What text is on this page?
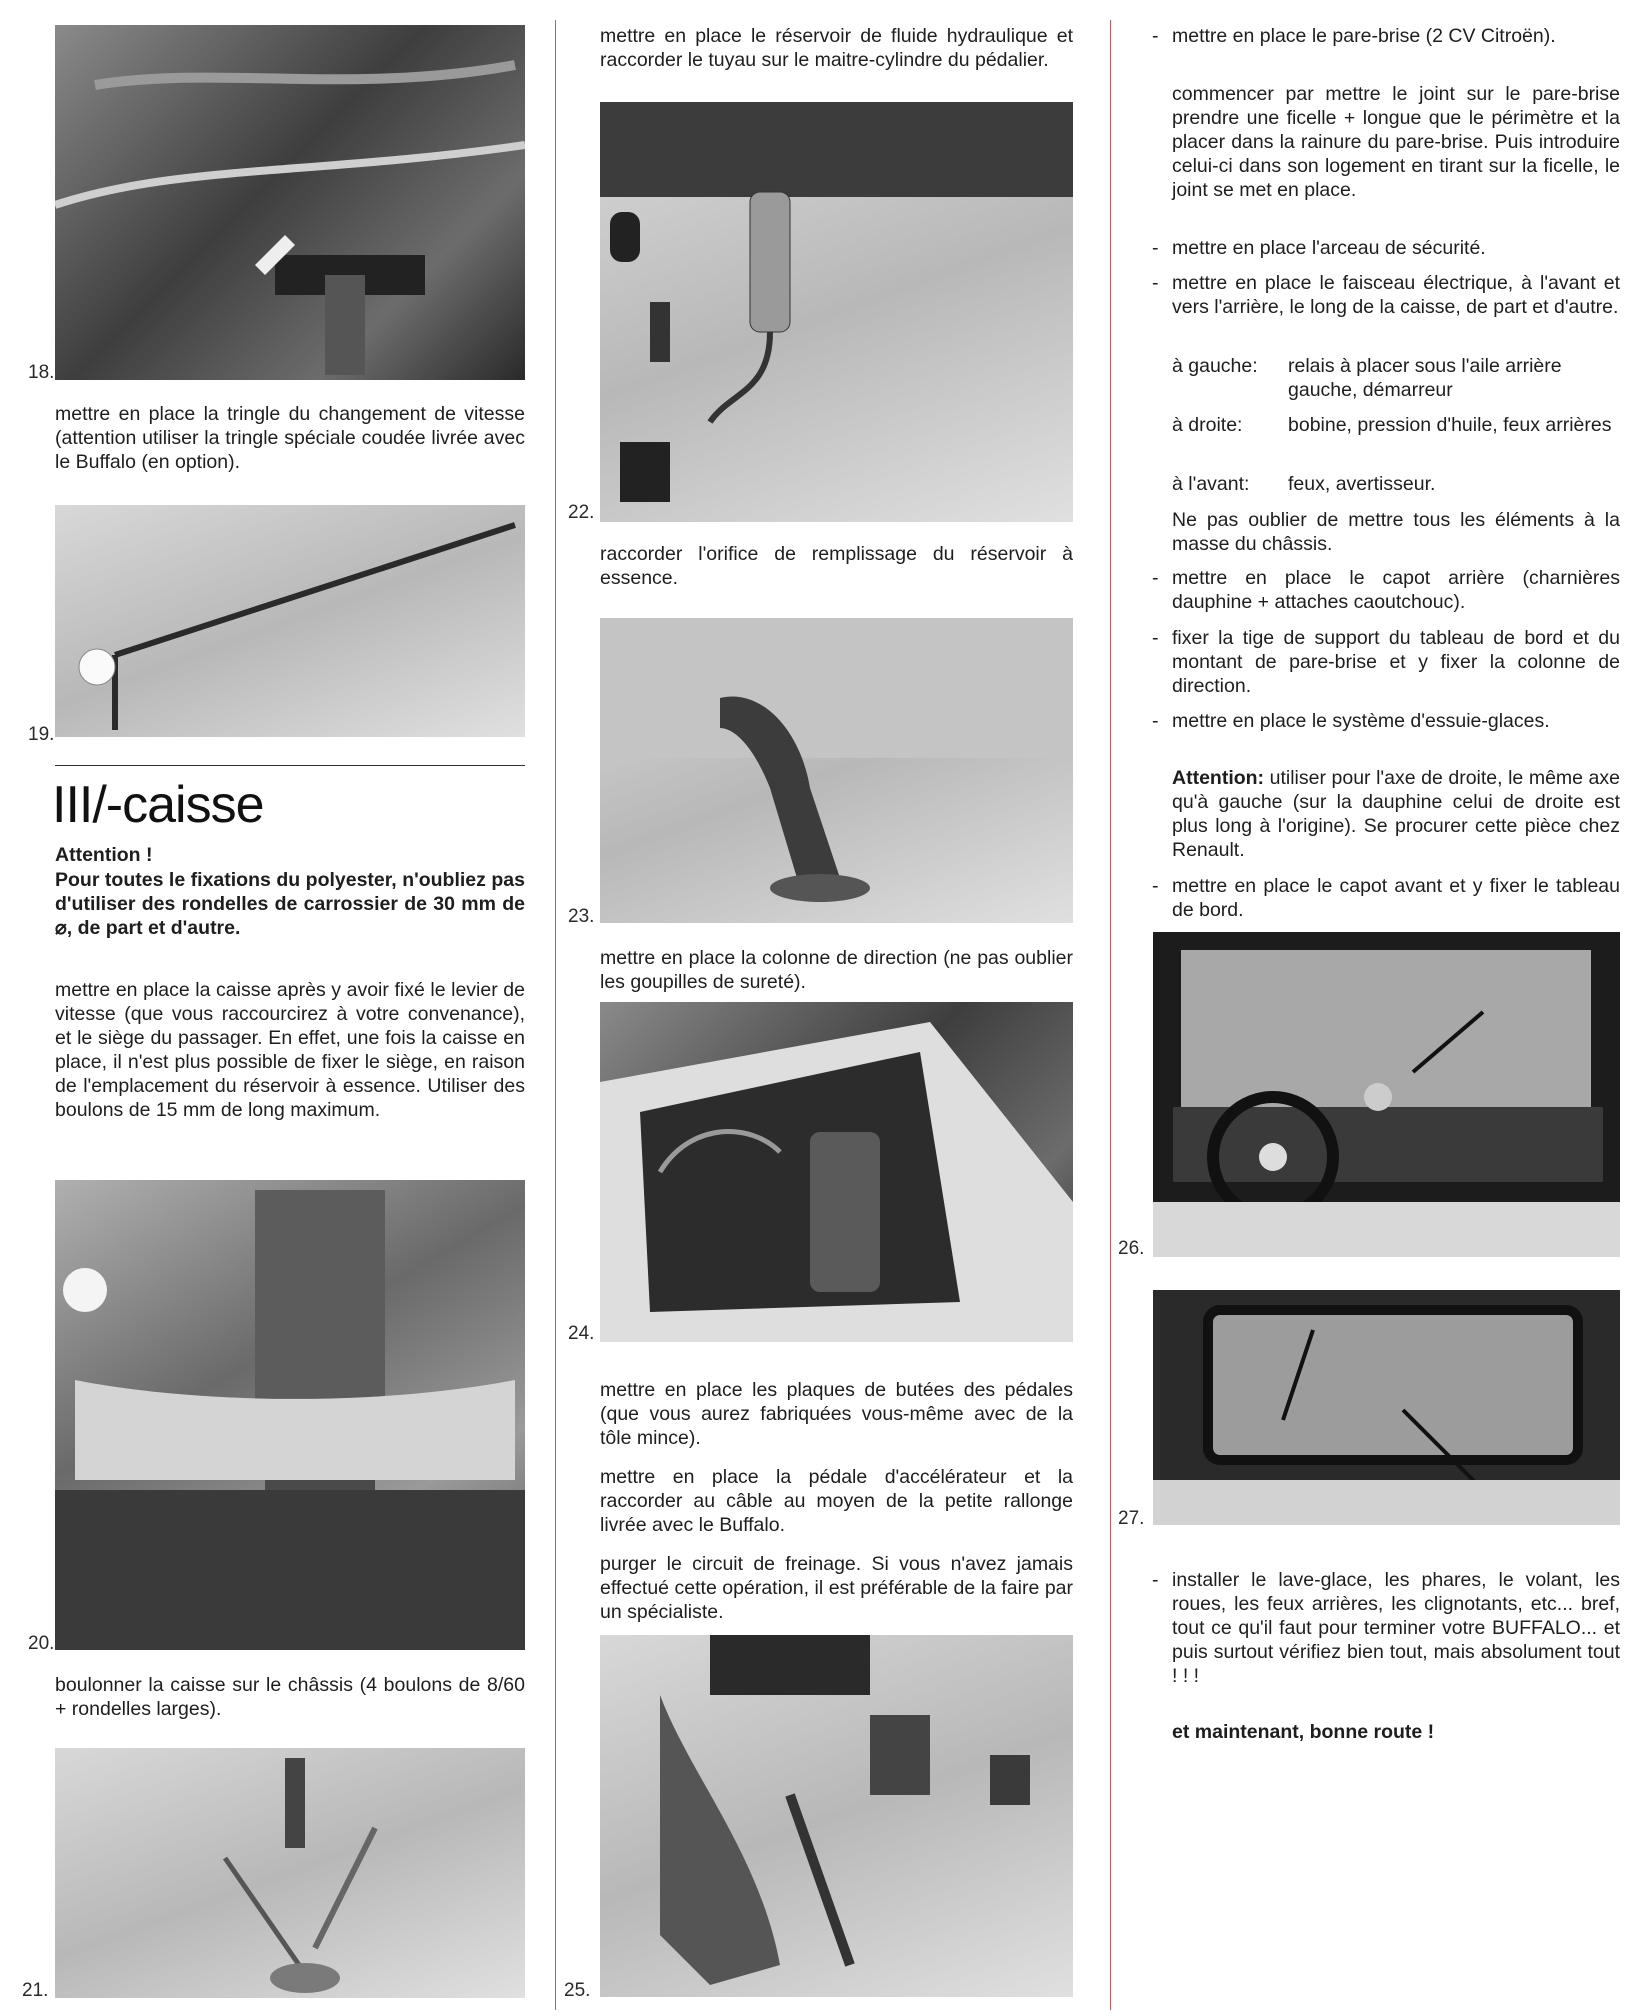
18.

mettre en place la tringle du changement de vitesse (attention utiliser la tringle spéciale coudée livrée avec le Buffalo (en option).

19.
III/-caisse

Attention !

Pour toutes le fixations du polyester, n'oubliez pas d'utiliser des rondelles de carrossier de 30 mm de ⌀, de part et d'autre.

mettre en place la caisse après y avoir fixé le levier de vitesse (que vous raccourcirez à votre convenance), et le siège du passager. En effet, une fois la caisse en place, il n'est plus possible de fixer le siège, en raison de l'emplacement du réservoir à essence. Utiliser des boulons de 15 mm de long maximum.

20.

boulonner la caisse sur le châssis (4 boulons de 8/60 + rondelles larges).

21.

mettre en place le réservoir de fluide hydraulique et raccorder le tuyau sur le maitre-cylindre du pédalier.

22.

raccorder l'orifice de remplissage du réservoir à essence.

23.

mettre en place la colonne de direction (ne pas oublier les goupilles de sureté).

24.

mettre en place les plaques de butées des pédales (que vous aurez fabriquées vous-même avec de la tôle mince).

mettre en place la pédale d'accélérateur et la raccorder au câble au moyen de la petite rallonge livrée avec le Buffalo.

purger le circuit de freinage. Si vous n'avez jamais effectué cette opération, il est préférable de la faire par un spécialiste.

25.

- mettre en place le pare-brise (2 CV Citroën).

commencer par mettre le joint sur le pare-brise prendre une ficelle + longue que le périmètre et la placer dans la rainure du pare-brise. Puis introduire celui-ci dans son logement en tirant sur la ficelle, le joint se met en place.

- mettre en place l'arceau de sécurité.

- mettre en place le faisceau électrique, à l'avant et vers l'arrière, le long de la caisse, de part et d'autre.

à gauche: relais à placer sous l'aile arrière gauche, démarreur
à droite: bobine, pression d'huile, feux arrières
à l'avant: feux, avertisseur.

Ne pas oublier de mettre tous les éléments à la masse du châssis.

- mettre en place le capot arrière (charnières dauphine + attaches caoutchouc).

- fixer la tige de support du tableau de bord et du montant de pare-brise et y fixer la colonne de direction.

- mettre en place le système d'essuie-glaces.

Attention: utiliser pour l'axe de droite, le même axe qu'à gauche (sur la dauphine celui de droite est plus long à l'origine). Se procurer cette pièce chez Renault.

- mettre en place le capot avant et y fixer le tableau de bord.

26.
27.

- installer le lave-glace, les phares, le volant, les roues, les feux arrières, les clignotants, etc... bref, tout ce qu'il faut pour terminer votre BUFFALO... et puis surtout vérifiez bien tout, mais absolument tout ! ! !

et maintenant, bonne route !
